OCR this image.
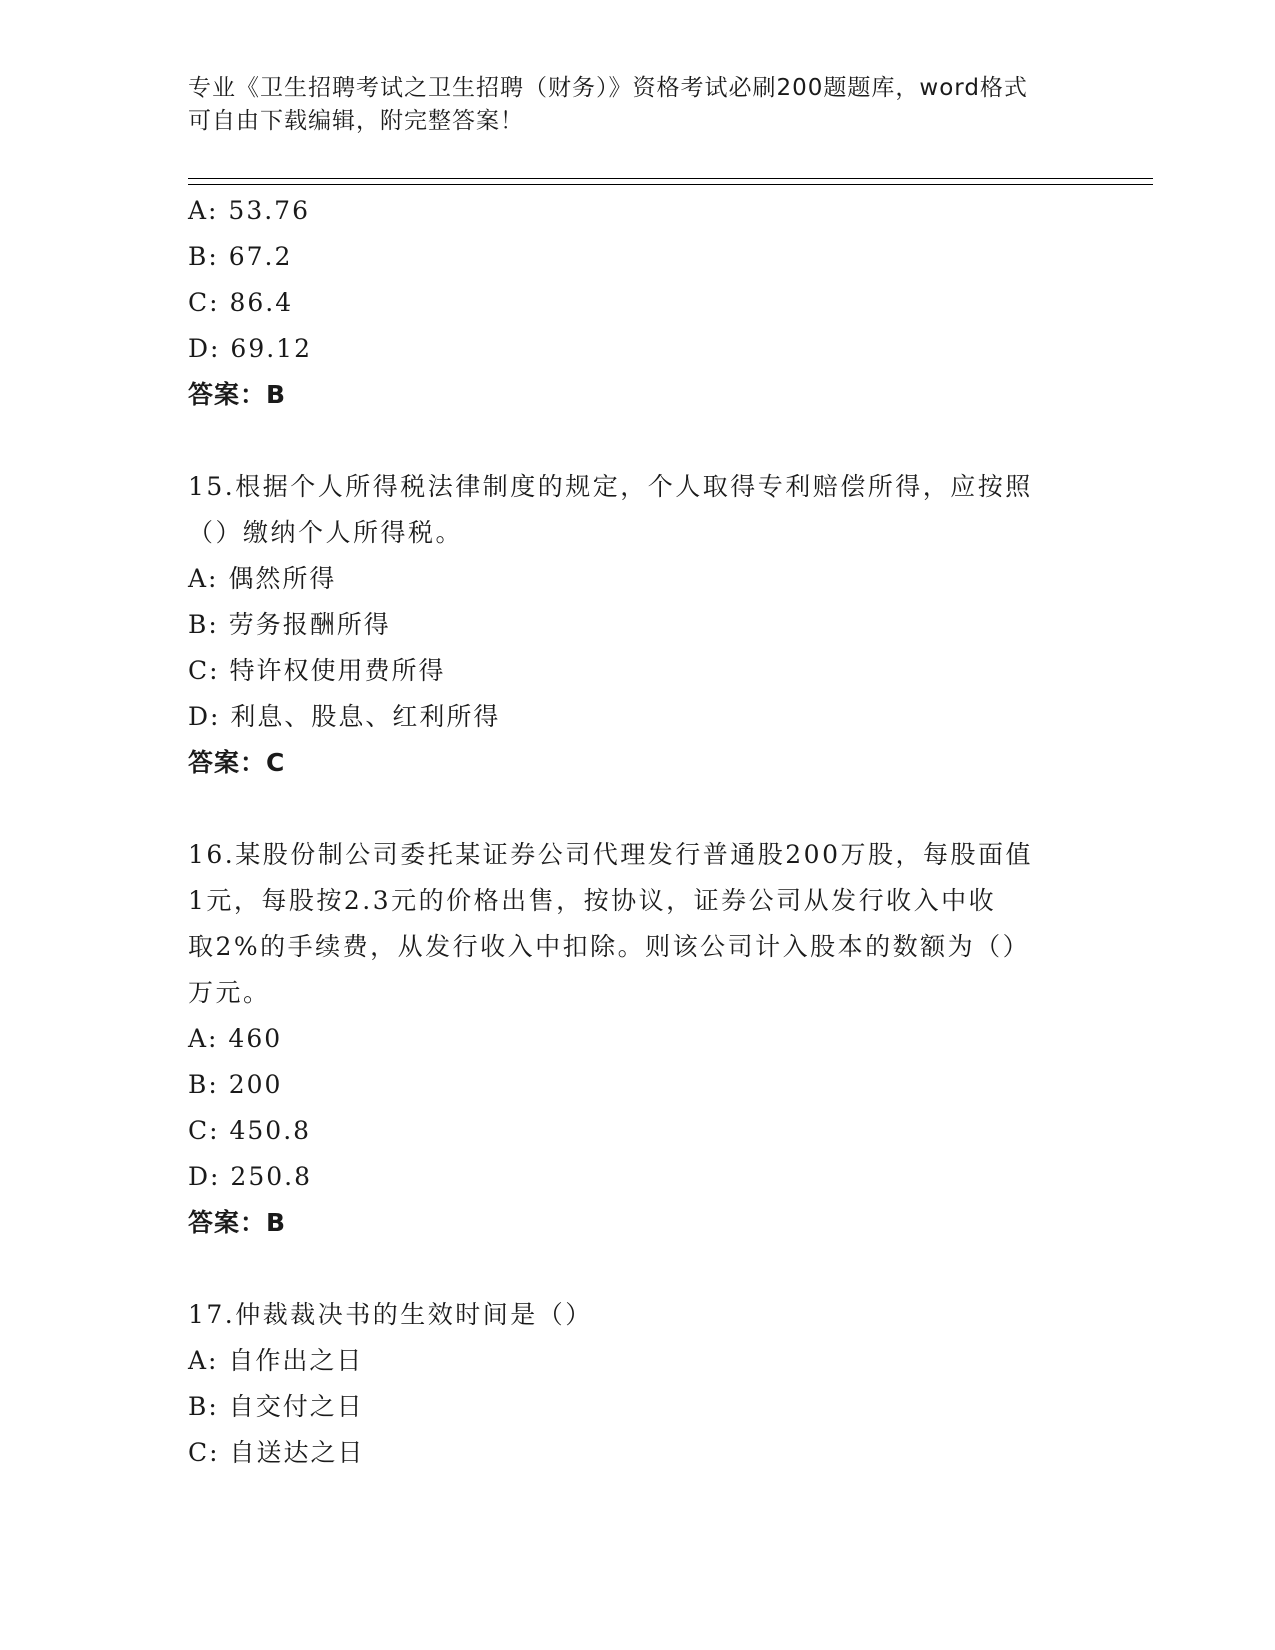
专业《卫生招聘考试之卫生招聘（财务）》资格考试必刷200题题库，word格式
可自由下载编辑，附完整答案！
A: 53.76
B: 67.2
C: 86.4
D: 69.12
答案：B
15.根据个人所得税法律制度的规定，个人取得专利赔偿所得，应按照
（）缴纳个人所得税。
A: 偶然所得
B: 劳务报酬所得
C: 特许权使用费所得
D: 利息、股息、红利所得
答案：C
16.某股份制公司委托某证券公司代理发行普通股200万股，每股面值
1元，每股按2.3元的价格出售，按协议，证券公司从发行收入中收
取2%的手续费，从发行收入中扣除。则该公司计入股本的数额为（）
万元。
A: 460
B: 200
C: 450.8
D: 250.8
答案：B
17.仲裁裁决书的生效时间是（）
A: 自作出之日
B: 自交付之日
C: 自送达之日
